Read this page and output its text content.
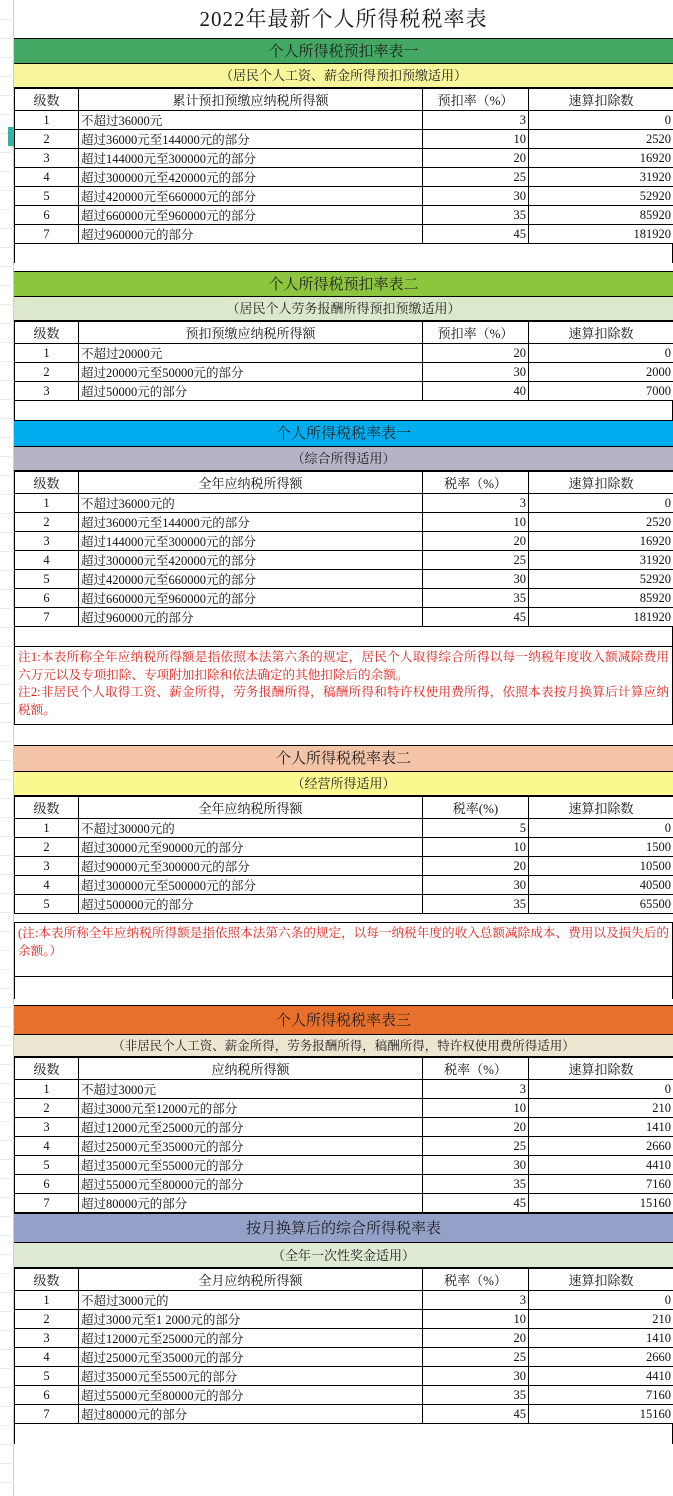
2022年最新个人所得税税率表
个人所得税预扣率表一
（居民个人工资、薪金所得预扣预缴适用）
级数	累计预扣预缴应纳税所得额	预扣率（%）	速算扣除数
1	不超过36000元	3	0
2	超过36000元至144000元的部分	10	2520
3	超过144000元至300000元的部分	20	16920
4	超过300000元至420000元的部分	25	31920
5	超过420000元至660000元的部分	30	52920
6	超过660000元至960000元的部分	35	85920
7	超过960000元的部分	45	181920
个人所得税预扣率表二
（居民个人劳务报酬所得预扣预缴适用）
级数	预扣预缴应纳税所得额	预扣率（%）	速算扣除数
1	不超过20000元	20	0
2	超过20000元至50000元的部分	30	2000
3	超过50000元的部分	40	7000
个人所得税税率表一
（综合所得适用）
级数	全年应纳税所得额	税率（%）	速算扣除数
1	不超过36000元的	3	0
2	超过36000元至144000元的部分	10	2520
3	超过144000元至300000元的部分	20	16920
4	超过300000元至420000元的部分	25	31920
5	超过420000元至660000元的部分	30	52920
6	超过660000元至960000元的部分	35	85920
7	超过960000元的部分	45	181920

注1:本表所称全年应纳税所得额是指依照本法第六条的规定，居民个人取得综合所得以每一纳税年度收入额减除费用六万元以及专项扣除、专项附加扣除和依法确定的其他扣除后的余额。

注2:非居民个人取得工资、薪金所得，劳务报酬所得，稿酬所得和特许权使用费所得，依照本表按月换算后计算应纳税额。

个人所得税税率表二
（经营所得适用）
级数	全年应纳税所得额	税率(%)	速算扣除数
1	不超过30000元的	5	0
2	超过30000元至90000元的部分	10	1500
3	超过90000元至300000元的部分	20	10500
4	超过300000元至500000元的部分	30	40500
5	超过500000元的部分	35	65500

(注:本表所称全年应纳税所得额是指依照本法第六条的规定，以每一纳税年度的收入总额减除成本、费用以及损失后的余额。）

个人所得税税率表三
（非居民个人工资、薪金所得，劳务报酬所得，稿酬所得，特许权使用费所得适用）
级数	应纳税所得额	税率（%）	速算扣除数
1	不超过3000元	3	0
2	超过3000元至12000元的部分	10	210
3	超过12000元至25000元的部分	20	1410
4	超过25000元至35000元的部分	25	2660
5	超过35000元至55000元的部分	30	4410
6	超过55000元至80000元的部分	35	7160
7	超过80000元的部分	45	15160
按月换算后的综合所得税率表
（全年一次性奖金适用）
级数	全月应纳税所得额	税率（%）	速算扣除数
1	不超过3000元的	3	0
2	超过3000元至1 2000元的部分	10	210
3	超过12000元至25000元的部分	20	1410
4	超过25000元至35000元的部分	25	2660
5	超过35000元至5500元的部分	30	4410
6	超过55000元至80000元的部分	35	7160
7	超过80000元的部分	45	15160
